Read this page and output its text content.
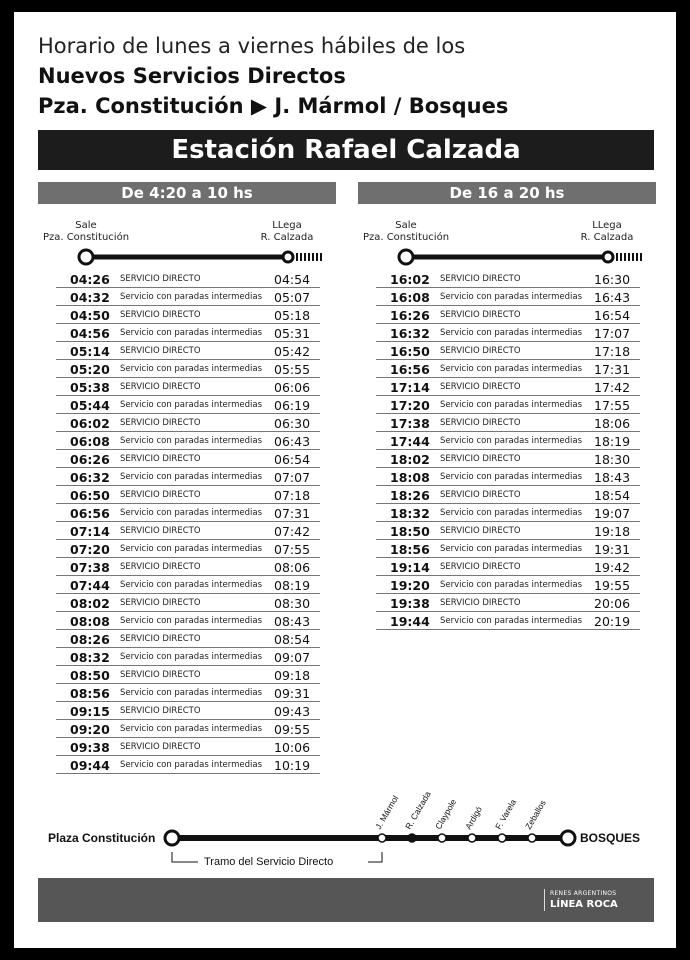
Horario de lunes a viernes hábiles de los
Nuevos Servicios Directos
Pza. Constitución ▶ J. Mármol / Bosques
Estación Rafael Calzada
De 4:20 a 10 hs
Sale
Pza. Constitución
LLega
R. Calzada
04:26 SERVICIO DIRECTO	04:54
04:32 Servicio con paradas intermedias 05:07
04:50 SERVICIO DIRECTO	05:18
04:56 Servicio con paradas intermedias 05:31
05:14 SERVICIO DIRECTO	05:42
05:20 Servicio con paradas intermedias 05:55
05:38 SERVICIO DIRECTO	06:06
05:44 Servicio con paradas intermedias 06:19
06:02 SERVICIO DIRECTO	06:30
06:08 Servicio con paradas intermedias 06:43
06:26 SERVICIO DIRECTO	06:54
06:32 Servicio con paradas intermedias 07:07
06:50 SERVICIO DIRECTO	07:18
06:56 Servicio con paradas intermedias 07:31
07:14 SERVICIO DIRECTO	07:42
07:20 Servicio con paradas intermedias 07:55
07:38 SERVICIO DIRECTO	08:06
07:44 Servicio con paradas intermedias 08:19
08:02 SERVICIO DIRECTO	08:30
08:08 Servicio con paradas intermedias 08:43
08:26 SERVICIO DIRECTO	08:54
08:32 Servicio con paradas intermedias 09:07
08:50 SERVICIO DIRECTO	09:18
08:56 Servicio con paradas intermedias 09:31
09:15 SERVICIO DIRECTO	09:43
09:20 Servicio con paradas intermedias 09:55
09:38 SERVICIO DIRECTO	10:06
09:44 Servicio con paradas intermedias 10:19
De 16 a 20 hs
Sale
Pza. Constitución
LLega
R. Calzada
16:02 SERVICIO DIRECTO	16:30
16:08 Servicio con paradas intermedias 16:43
16:26 SERVICIO DIRECTO	16:54
16:32 Servicio con paradas intermedias 17:07
16:50 SERVICIO DIRECTO	17:18
16:56 Servicio con paradas intermedias 17:31
17:14 SERVICIO DIRECTO	17:42
17:20 Servicio con paradas intermedias 17:55
17:38 SERVICIO DIRECTO	18:06
17:44 Servicio con paradas intermedias 18:19
18:02 SERVICIO DIRECTO	18:30
18:08 Servicio con paradas intermedias 18:43
18:26 SERVICIO DIRECTO	18:54
18:32 Servicio con paradas intermedias 19:07
18:50 SERVICIO DIRECTO	19:18
18:56 Servicio con paradas intermedias 19:31
19:14 SERVICIO DIRECTO	19:42
19:20 Servicio con paradas intermedias 19:55
19:38 SERVICIO DIRECTO	20:06
19:44 Servicio con paradas intermedias 20:19
Plaza Constitución	BOSQUES
J. Mármol R. Calzada Claypole Ardigó F. Varela Zeballos
Tramo del Servicio Directo
RENES ARGENTINOS
LÍNEA ROCA
